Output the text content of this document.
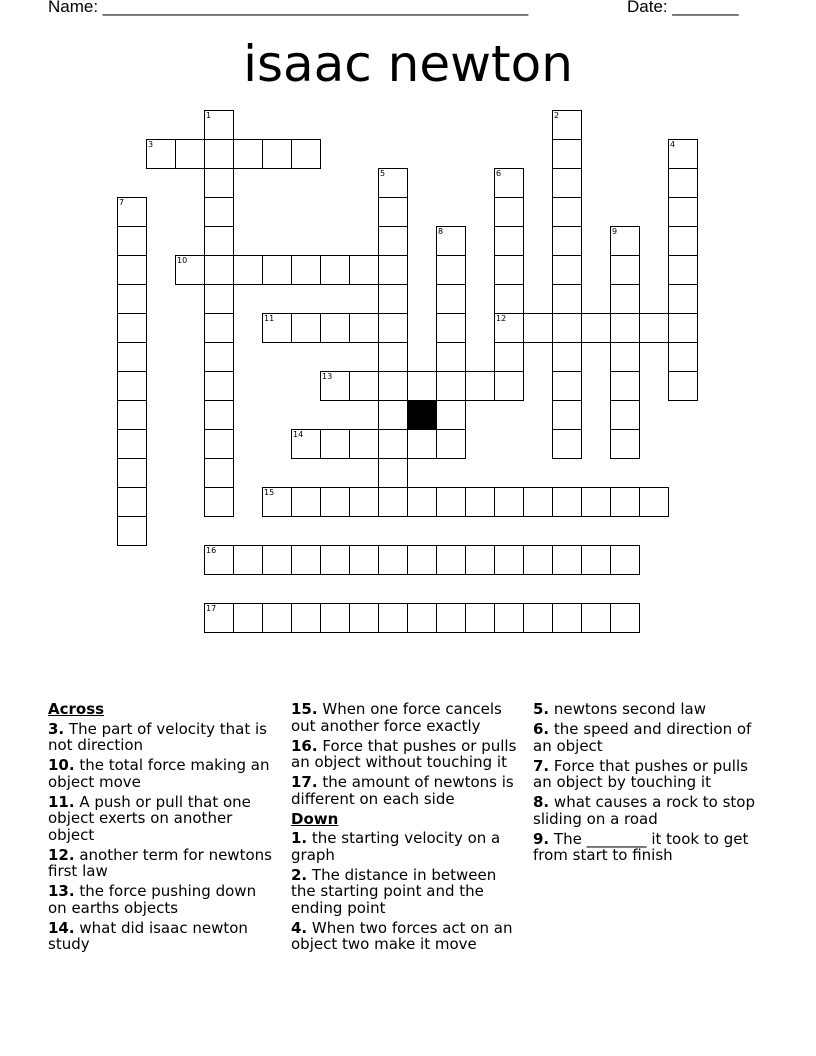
Name: _____________________________________________	Date: _______
isaac newton
1	2
3	4
5	6
12
7
8	9
10
11
13
14
15
16
17
Across
3. The part of velocity that is not direction
10. the total force making an object move
11. A push or pull that one object exerts on another object
12. another term for newtons first law
13. the force pushing down on earths objects
14. what did isaac newton study
15. When one force cancels out another force exactly
16. Force that pushes or pulls an object without touching it
17. the amount of newtons is different on each side
Down
1. the starting velocity on a graph
2. The distance in between the starting point and the ending point
4. When two forces act on an object two make it move
5. newtons second law
6. the speed and direction of an object
7. Force that pushes or pulls an object by touching it
8. what causes a rock to stop sliding on a road
9. The ________ it took to get from start to finish
